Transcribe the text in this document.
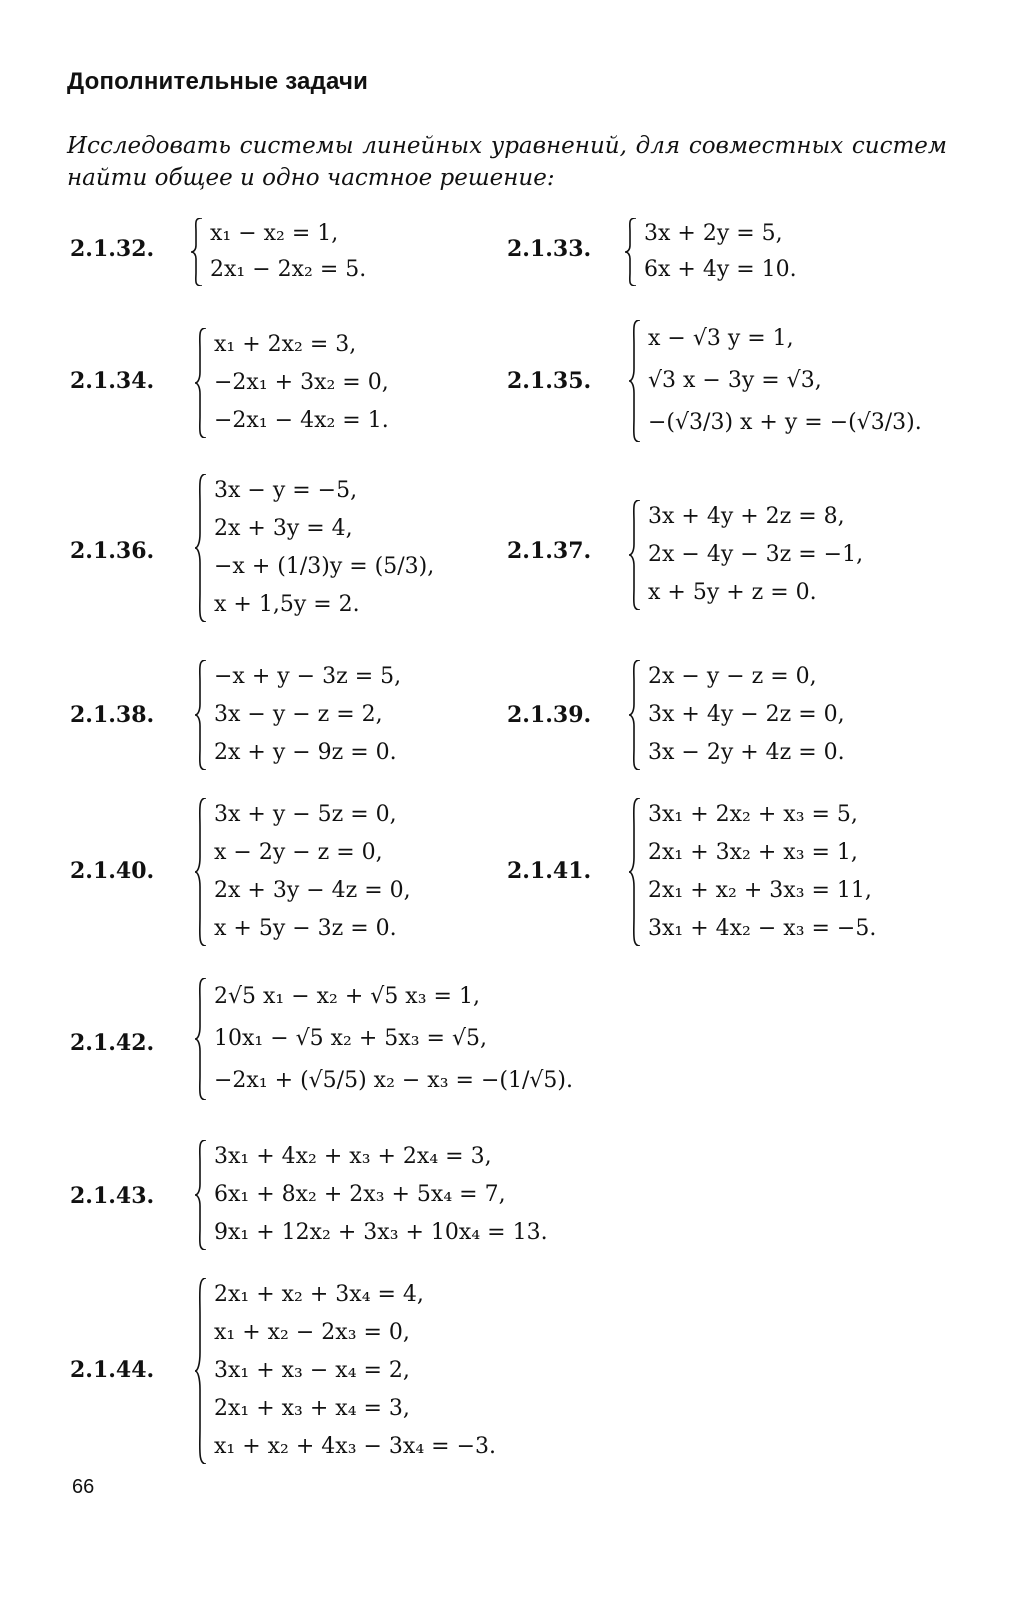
Дополнительные задачи
Исследовать системы линейных уравнений, для совместных систем найти общее и одно частное решение:
2.1.32.
x₁ − x₂ = 1,
2x₁ − 2x₂ = 5.
2.1.33.
3x + 2y = 5,
6x + 4y = 10.
2.1.34.
x₁ + 2x₂ = 3,
−2x₁ + 3x₂ = 0,
−2x₁ − 4x₂ = 1.
2.1.35.
x − √3 y = 1,
√3 x − 3y = √3,
−(√3/3) x + y = −(√3/3).
2.1.36.
3x − y = −5,
2x + 3y = 4,
−x + (1/3)y = (5/3),
x + 1,5y = 2.
2.1.37.
3x + 4y + 2z = 8,
2x − 4y − 3z = −1,
x + 5y + z = 0.
2.1.38.
−x + y − 3z = 5,
3x − y − z = 2,
2x + y − 9z = 0.
2.1.39.
2x − y − z = 0,
3x + 4y − 2z = 0,
3x − 2y + 4z = 0.
2.1.40.
3x + y − 5z = 0,
x − 2y − z = 0,
2x + 3y − 4z = 0,
x + 5y − 3z = 0.
2.1.41.
3x₁ + 2x₂ + x₃ = 5,
2x₁ + 3x₂ + x₃ = 1,
2x₁ + x₂ + 3x₃ = 11,
3x₁ + 4x₂ − x₃ = −5.
2.1.42.
2√5 x₁ − x₂ + √5 x₃ = 1,
10x₁ − √5 x₂ + 5x₃ = √5,
−2x₁ + (√5/5) x₂ − x₃ = −(1/√5).
2.1.43.
3x₁ + 4x₂ + x₃ + 2x₄ = 3,
6x₁ + 8x₂ + 2x₃ + 5x₄ = 7,
9x₁ + 12x₂ + 3x₃ + 10x₄ = 13.
2.1.44.
2x₁ + x₂ + 3x₄ = 4,
x₁ + x₂ − 2x₃ = 0,
3x₁ + x₃ − x₄ = 2,
2x₁ + x₃ + x₄ = 3,
x₁ + x₂ + 4x₃ − 3x₄ = −3.
66
